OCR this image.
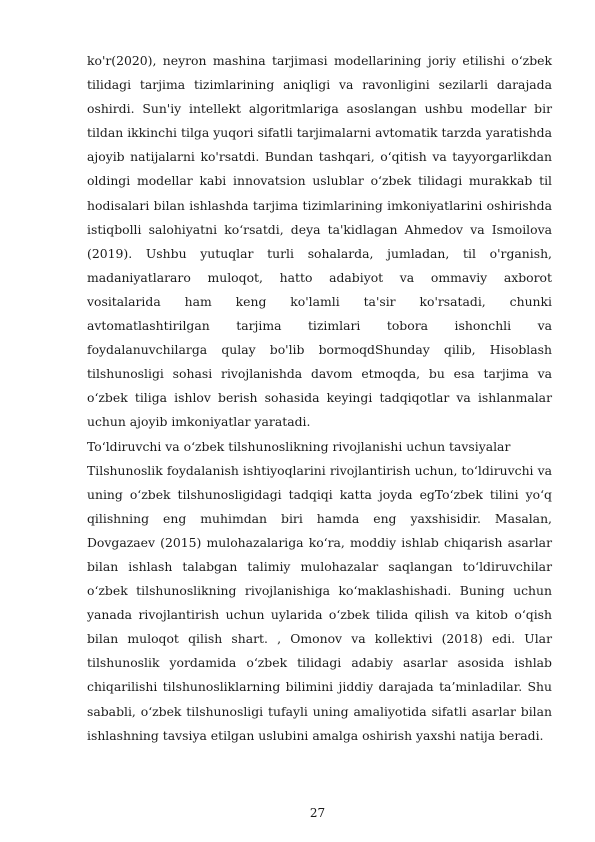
ko'r(2020), neyron mashina tarjimasi modellarining joriy etilishi o‘zbek tilidagi tarjima tizimlarining aniqligi va ravonligini sezilarli darajada oshirdi. Sun'iy intellekt algoritmlariga asoslangan ushbu modellar bir tildan ikkinchi tilga yuqori sifatli tarjimalarni avtomatik tarzda yaratishda ajoyib natijalarni ko'rsatdi. Bundan tashqari, o‘qitish va tayyorgarlikdan oldingi modellar kabi innovatsion uslublar o‘zbek tilidagi murakkab til hodisalari bilan ishlashda tarjima tizimlarining imkoniyatlarini oshirishda istiqbolli salohiyatni ko‘rsatdi, deya ta'kidlagan Ahmedov va Ismoilova (2019). Ushbu yutuqlar turli sohalarda, jumladan, til o'rganish, madaniyatlararo muloqot, hatto adabiyot va ommaviy axborot vositalarida ham keng ko'lamli ta'sir ko'rsatadi, chunki avtomatlashtirilgan tarjima tizimlari tobora ishonchli va foydalanuvchilarga qulay bo'lib bormoqdShunday qilib, Hisoblash tilshunosligi sohasi rivojlanishda davom etmoqda, bu esa tarjima va o‘zbek tiliga ishlov berish sohasida keyingi tadqiqotlar va ishlanmalar uchun ajoyib imkoniyatlar yaratadi.

To‘ldiruvchi va o‘zbek tilshunoslikning rivojlanishi uchun tavsiyalar

Tilshunoslik foydalanish ishtiyoqlarini rivojlantirish uchun, to‘ldiruvchi va uning o‘zbek tilshunosligidagi tadqiqi katta joyda egTo‘zbek tilini yo‘q qilishning eng muhimdan biri hamda eng yaxshisidir. Masalan, Dovgazaev (2015) mulohazalariga ko‘ra, moddiy ishlab chiqarish asarlar bilan ishlash talabgan talimiy mulohazalar saqlangan to‘ldiruvchilar o‘zbek tilshunoslikning rivojlanishiga ko‘maklashishadi. Buning uchun yanada rivojlantirish uchun uylarida o‘zbek tilida qilish va kitob o‘qish bilan muloqot qilish shart. , Omonov va kollektivi (2018) edi. Ular tilshunoslik yordamida o‘zbek tilidagi adabiy asarlar asosida ishlab chiqarilishi tilshunosliklarning bilimini jiddiy darajada ta’minladilar. Shu sababli, o‘zbek tilshunosligi tufayli uning amaliyotida sifatli asarlar bilan ishlashning tavsiya etilgan uslubini amalga oshirish yaxshi natija beradi.

27
